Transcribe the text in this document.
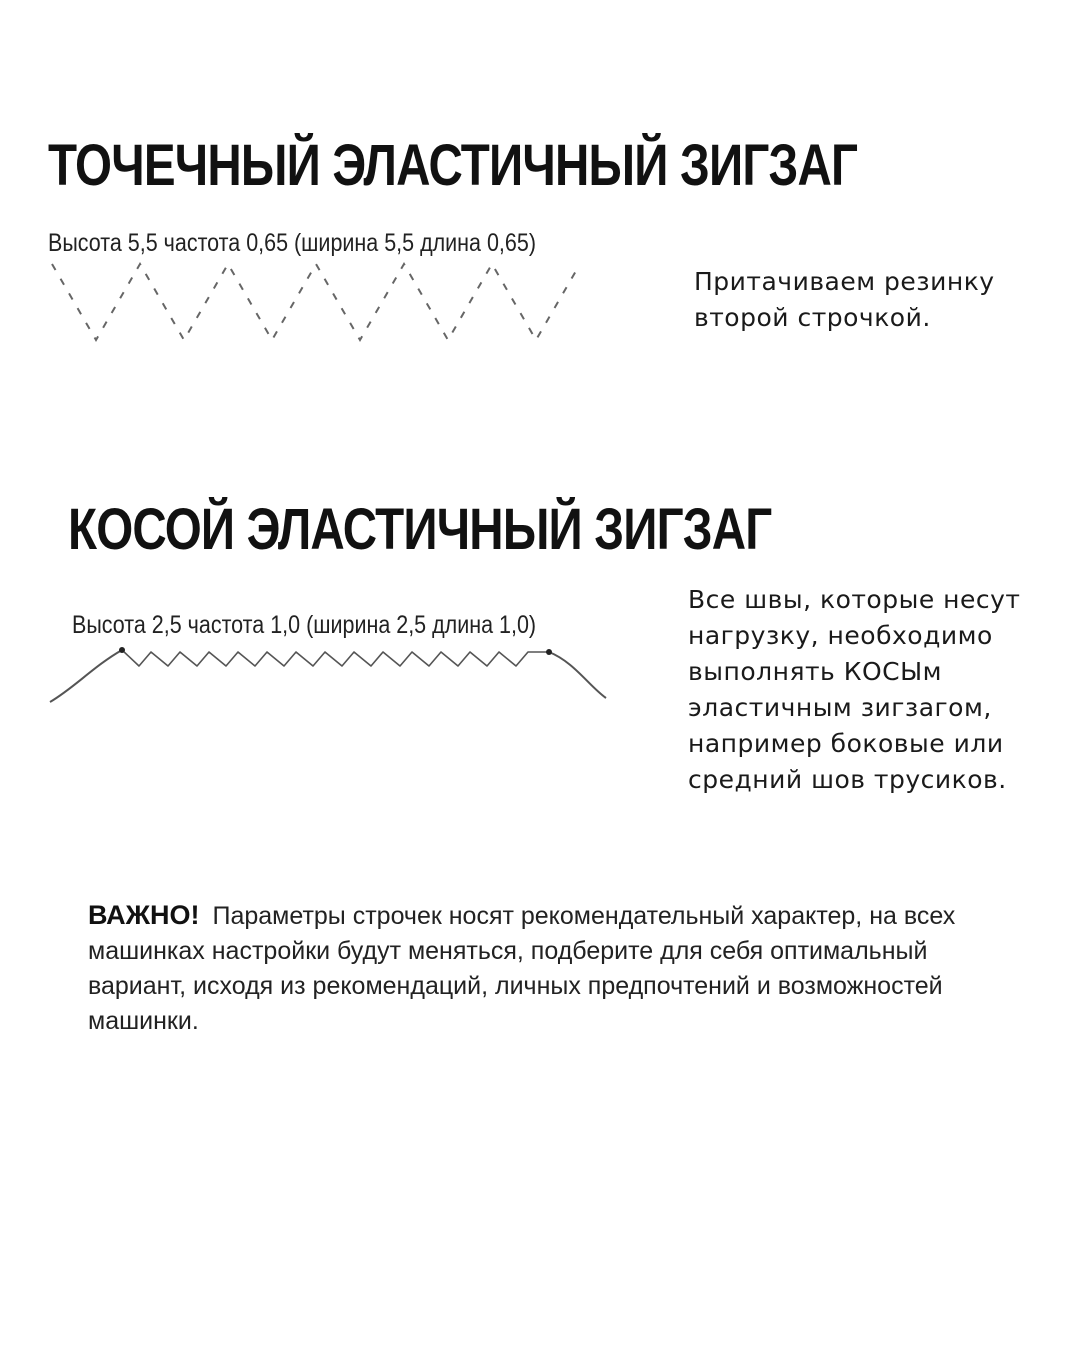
ТОЧЕЧНЫЙ ЭЛАСТИЧНЫЙ ЗИГЗАГ

Высота 5,5 частота 0,65 (ширина 5,5 длина 0,65)

Притачиваем резинку
второй строчкой.

КОСОЙ ЭЛАСТИЧНЫЙ ЗИГЗАГ

Высота 2,5 частота 1,0 (ширина 2,5 длина 1,0)

Все швы, которые несут
нагрузку, необходимо
выполнять КОСЫм
эластичным зигзагом,
например боковые или
средний шов трусиков.

ВАЖНО! Параметры строчек носят рекомендательный характер, на всех машинках настройки будут меняться, подберите для себя оптимальный вариант, исходя из рекомендаций, личных предпочтений и возможностей машинки.
